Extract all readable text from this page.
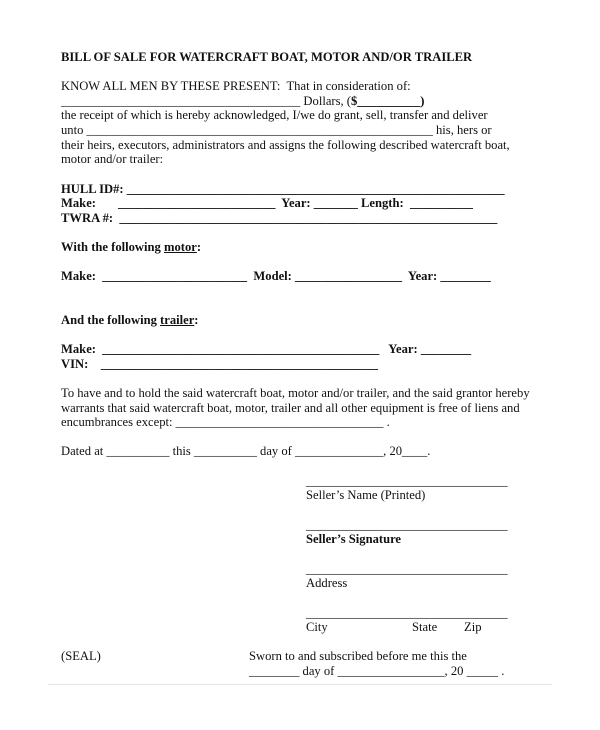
BILL OF SALE FOR WATERCRAFT BOAT, MOTOR AND/OR TRAILER
KNOW ALL MEN BY THESE PRESENT:  That in consideration of:
______________________________________ Dollars, ($__________)
the receipt of which is hereby acknowledged, I/we do grant, sell, transfer and deliver
unto _______________________________________________________ his, hers or
their heirs, executors, administrators and assigns the following described watercraft boat,
motor and/or trailer:
HULL ID#: ____________________________________________________________
Make:       _________________________  Year: _______ Length:  __________
TWRA #:  ____________________________________________________________
With the following motor:
Make:  _______________________  Model: _________________  Year: ________
And the following trailer:
Make:  ____________________________________________   Year: ________
VIN:    ____________________________________________
To have and to hold the said watercraft boat, motor and/or trailer, and the said grantor hereby
warrants that said watercraft boat, motor, trailer and all other equipment is free of liens and
encumbrances except: _________________________________ .
Dated at __________ this __________ day of ______________, 20____.
________________________________
Seller’s Name (Printed)
________________________________
Seller’s Signature
________________________________
Address
________________________________
City	State Zip
(SEAL)	Sworn to and subscribed before me this the
________ day of _________________, 20 _____ .
